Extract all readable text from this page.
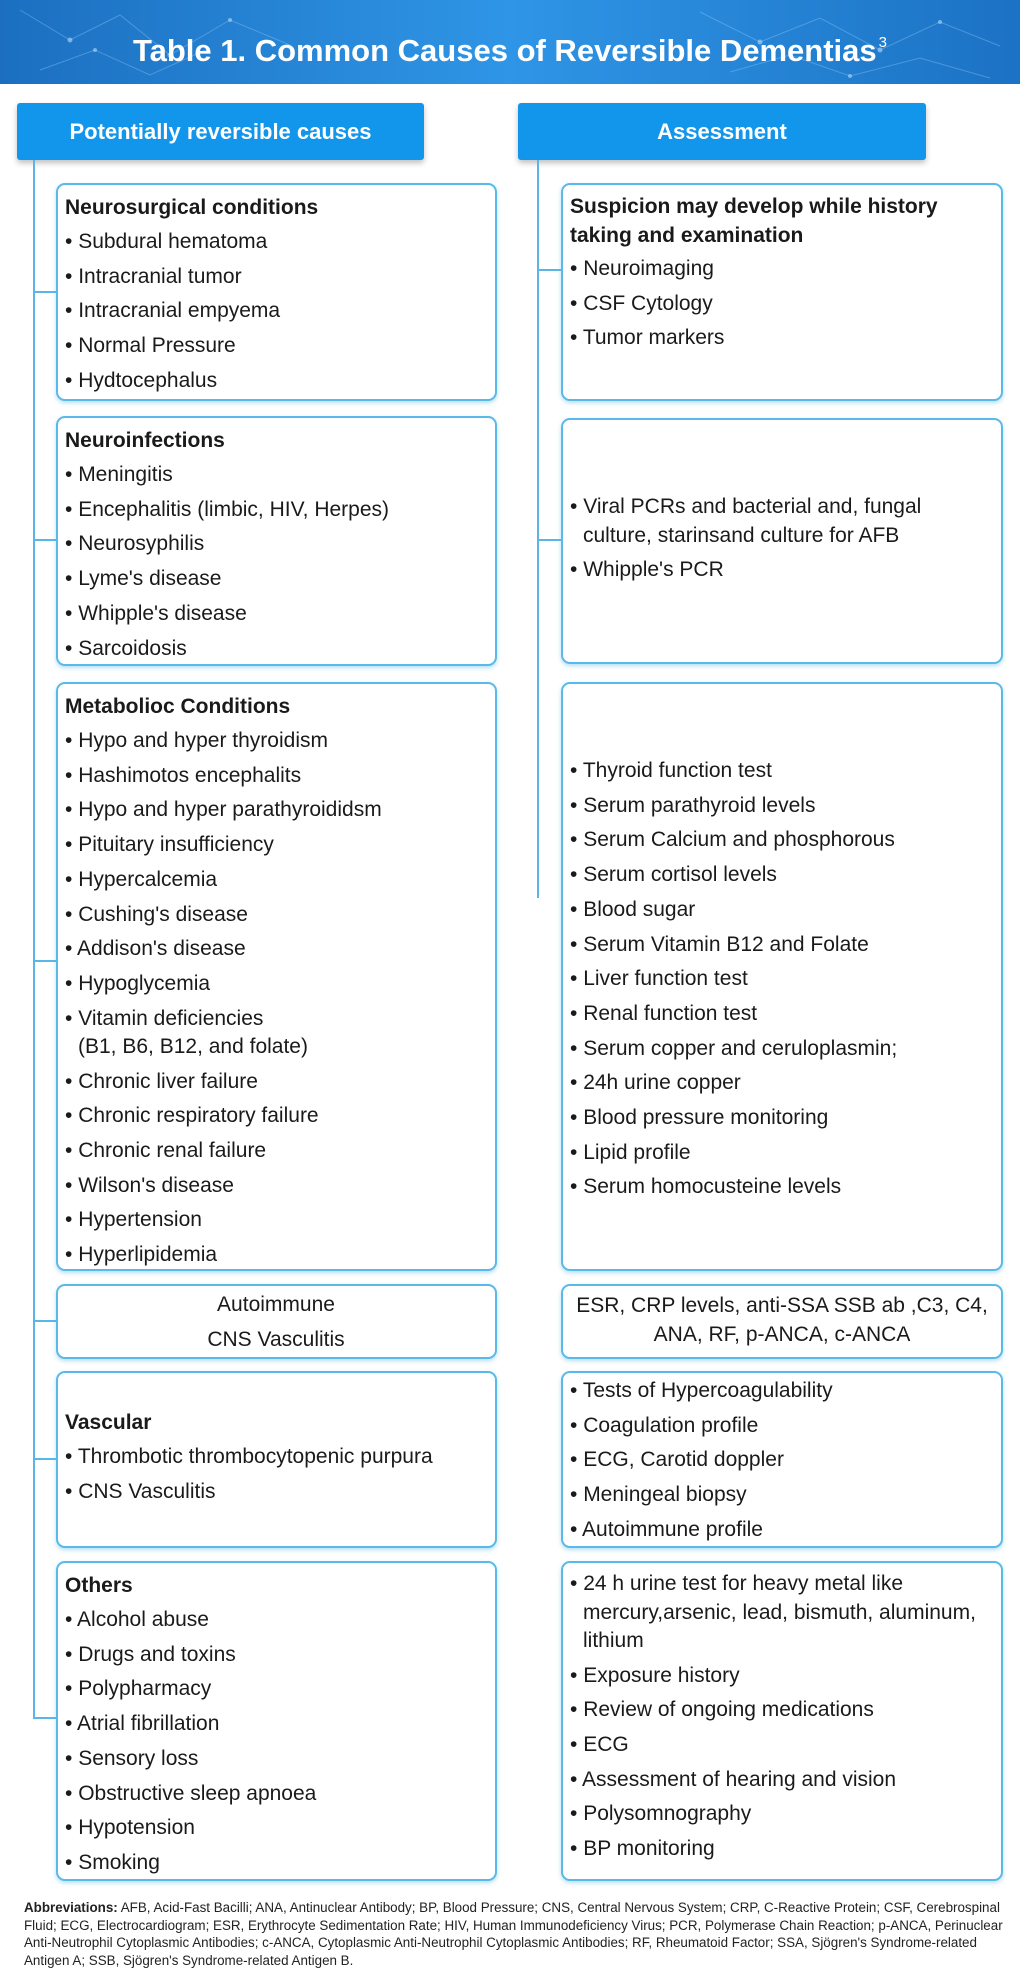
Table 1. Common Causes of Reversible Dementias $^3$
Potentially reversible causes	Assessment
Neurosurgical conditions
• Subdural hematoma
• Intracranial tumor
• Intracranial empyema
• Normal Pressure
• Hydtocephalus
Neuroinfections
• Meningitis
• Encephalitis (limbic, HIV, Herpes)
• Neurosyphilis
• Lyme's disease
• Whipple's disease
• Sarcoidosis
Metabolioc Conditions
• Hypo and hyper thyroidism
• Hashimotos encephalits
• Hypo and hyper parathyroididsm
• Pituitary insufficiency
• Hypercalcemia
• Cushing's disease
• Addison's disease
• Hypoglycemia
• Vitamin deficiencies
(B1, B6, B12, and folate)
• Chronic liver failure
• Chronic respiratory failure
• Chronic renal failure
• Wilson's disease
• Hypertension
• Hyperlipidemia
Autoimmune
CNS Vasculitis
Vascular
• Thrombotic thrombocytopenic purpura
• CNS Vasculitis
Others
• Alcohol abuse
• Drugs and toxins
• Polypharmacy
• Atrial fibrillation
• Sensory loss
• Obstructive sleep apnoea
• Hypotension
• Smoking
Suspicion may develop while history taking and examination
• Neuroimaging
• CSF Cytology
• Tumor markers
• Viral PCRs and bacterial and, fungal culture, starinsand culture for AFB
• Whipple's PCR
• Thyroid function test
• Serum parathyroid levels
• Serum Calcium and phosphorous
• Serum cortisol levels
• Blood sugar
• Serum Vitamin B12 and Folate
• Liver function test
• Renal function test
• Serum copper and ceruloplasmin;
• 24h urine copper
• Blood pressure monitoring
• Lipid profile
• Serum homocusteine levels
ESR, CRP levels, anti-SSA SSB ab ,C3, C4, ANA, RF, p-ANCA, c-ANCA
• Tests of Hypercoagulability
• Coagulation profile
• ECG, Carotid doppler
• Meningeal biopsy
• Autoimmune profile
• 24 h urine test for heavy metal like mercury,arsenic, lead, bismuth, aluminum, lithium
• Exposure history
• Review of ongoing medications
• ECG
• Assessment of hearing and vision
• Polysomnography
• BP monitoring
Abbreviations: AFB, Acid-Fast Bacilli; ANA, Antinuclear Antibody; BP, Blood Pressure; CNS, Central Nervous System; CRP, C-Reactive Protein; CSF, Cerebrospinal Fluid; ECG, Electrocardiogram; ESR, Erythrocyte Sedimentation Rate; HIV, Human Immunodeficiency Virus; PCR, Polymerase Chain Reaction; p-ANCA, Perinuclear Anti-Neutrophil Cytoplasmic Antibodies; c-ANCA, Cytoplasmic Anti-Neutrophil Cytoplasmic Antibodies; RF, Rheumatoid Factor; SSA, Sjögren's Syndrome-related Antigen A; SSB, Sjögren's Syndrome-related Antigen B.
